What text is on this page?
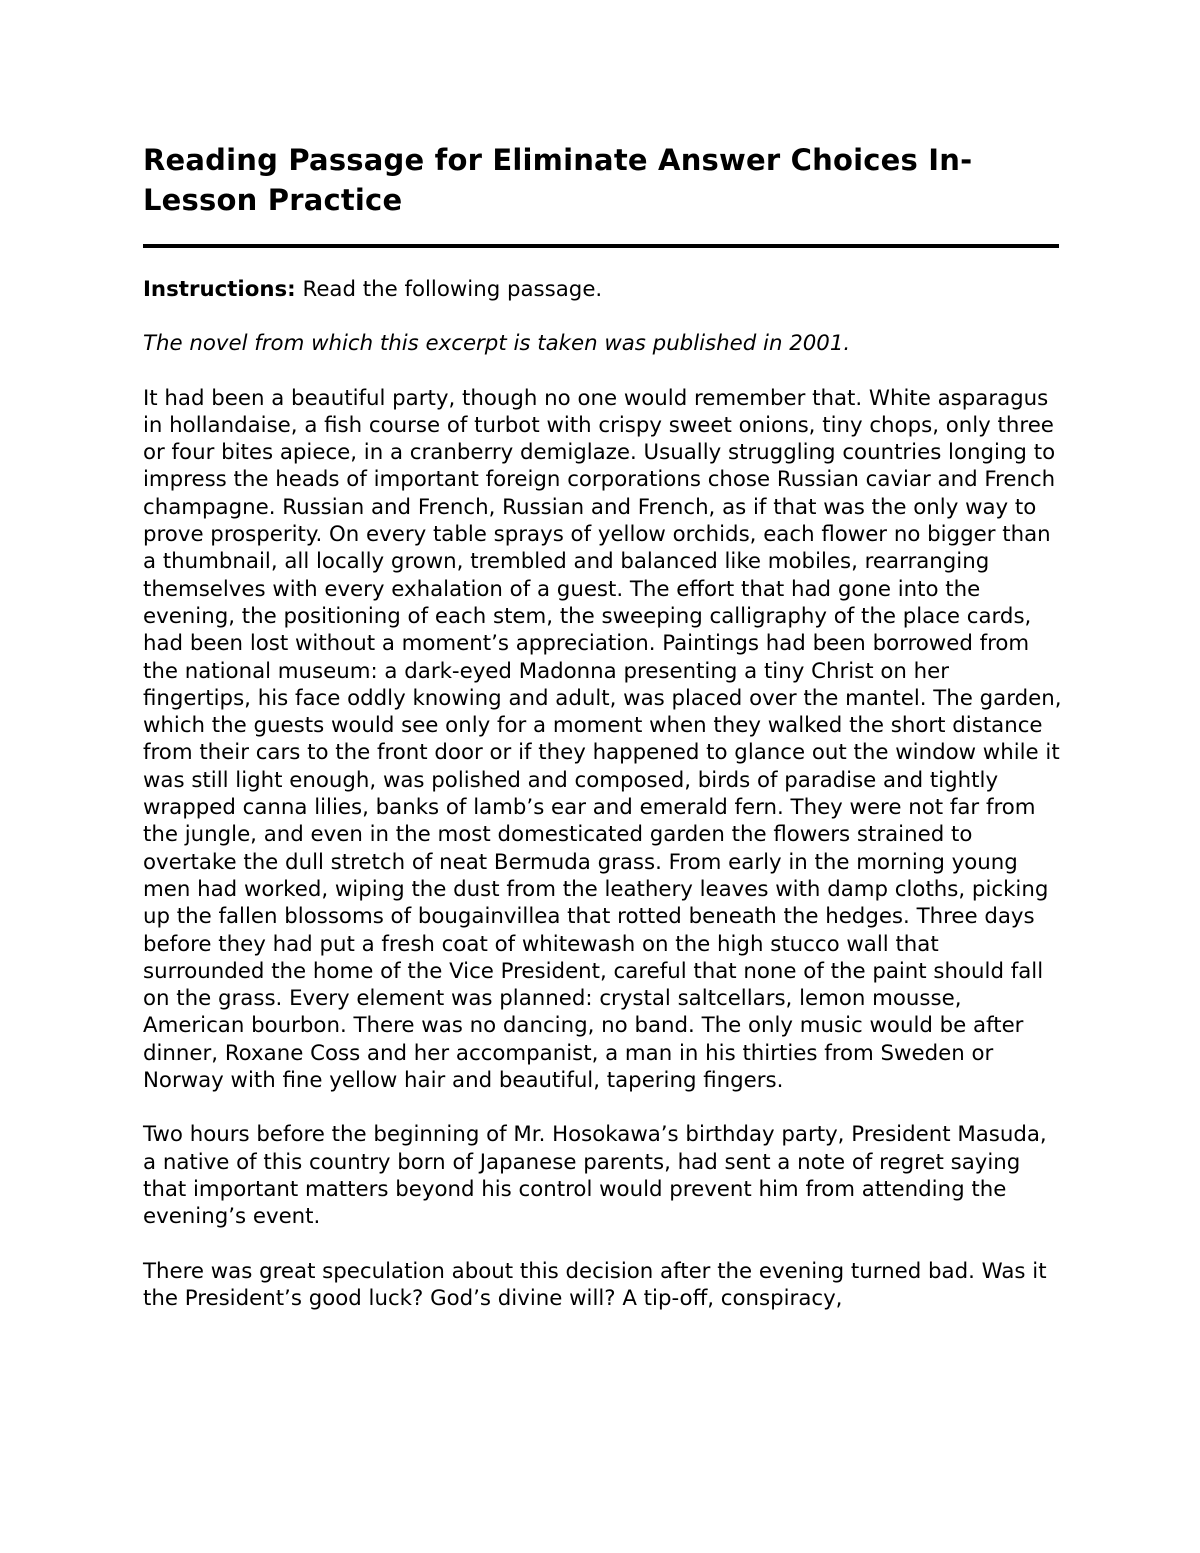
Reading Passage for Eliminate Answer Choices In-Lesson Practice

Instructions: Read the following passage.

The novel from which this excerpt is taken was published in 2001.

It had been a beautiful party, though no one would remember that. White asparagus in hollandaise, a fish course of turbot with crispy sweet onions, tiny chops, only three or four bites apiece, in a cranberry demiglaze. Usually struggling countries longing to impress the heads of important foreign corporations chose Russian caviar and French champagne. Russian and French, Russian and French, as if that was the only way to prove prosperity. On every table sprays of yellow orchids, each flower no bigger than a thumbnail, all locally grown, trembled and balanced like mobiles, rearranging themselves with every exhalation of a guest. The effort that had gone into the evening, the positioning of each stem, the sweeping calligraphy of the place cards, had been lost without a moment’s appreciation. Paintings had been borrowed from the national museum: a dark-eyed Madonna presenting a tiny Christ on her fingertips, his face oddly knowing and adult, was placed over the mantel. The garden, which the guests would see only for a moment when they walked the short distance from their cars to the front door or if they happened to glance out the window while it was still light enough, was polished and composed, birds of paradise and tightly wrapped canna lilies, banks of lamb’s ear and emerald fern. They were not far from the jungle, and even in the most domesticated garden the flowers strained to overtake the dull stretch of neat Bermuda grass. From early in the morning young men had worked, wiping the dust from the leathery leaves with damp cloths, picking up the fallen blossoms of bougainvillea that rotted beneath the hedges. Three days before they had put a fresh coat of whitewash on the high stucco wall that surrounded the home of the Vice President, careful that none of the paint should fall on the grass. Every element was planned: crystal saltcellars, lemon mousse, American bourbon. There was no dancing, no band. The only music would be after dinner, Roxane Coss and her accompanist, a man in his thirties from Sweden or Norway with fine yellow hair and beautiful, tapering fingers.

Two hours before the beginning of Mr. Hosokawa’s birthday party, President Masuda, a native of this country born of Japanese parents, had sent a note of regret saying that important matters beyond his control would prevent him from attending the evening’s event.

There was great speculation about this decision after the evening turned bad. Was it the President’s good luck? God’s divine will? A tip-off, conspiracy,
